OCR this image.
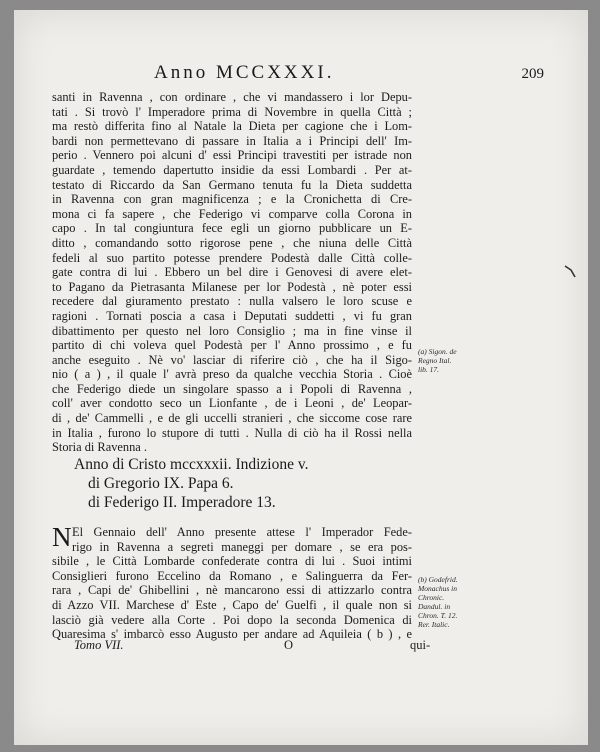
Anno MCCXXXI.	209
santi in Ravenna , con ordinare , che vi mandassero i lor Depu-
tati . Si trovò l' Imperadore prima di Novembre in quella Città ;
ma restò differita fino al Natale la Dieta per cagione che i Lom-
bardi non permettevano di passare in Italia a i Principi dell' Im-
perio . Vennero poi alcuni d' essi Principi travestiti per istrade non
guardate , temendo dapertutto insidie da essi Lombardi . Per at-
testato di Riccardo da San Germano tenuta fu la Dieta suddetta
in Ravenna con gran magnificenza ; e la Cronichetta di Cre-
mona ci fa sapere , che Federigo vi comparve colla Corona in
capo . In tal congiuntura fece egli un giorno pubblicare un E-
ditto , comandando sotto rigorose pene , che niuna delle Città
fedeli al suo partito potesse prendere Podestà dalle Città colle-
gate contra di lui . Ebbero un bel dire i Genovesi di avere elet-
to Pagano da Pietrasanta Milanese per lor Podestà , nè poter essi
recedere dal giuramento prestato : nulla valsero le loro scuse e
ragioni . Tornati poscia a casa i Deputati suddetti , vi fu gran
dibattimento per questo nel loro Consiglio ; ma in fine vinse il
partito di chi voleva quel Podestà per l' Anno prossimo , e fu
anche eseguito . Nè vo' lasciar di riferire ciò , che ha il Sigo-
nio ( a ) , il quale l' avrà preso da qualche vecchia Storia . Cioè
che Federigo diede un singolare spasso a i Popoli di Ravenna ,
coll' aver condotto seco un Lionfante , de i Leoni , de' Leopar-
di , de' Cammelli , e de gli uccelli stranieri , che siccome cose rare
in Italia , furono lo stupore di tutti . Nulla di ciò ha il Rossi nella
Storia di Ravenna .
(a) Sigon. de
Regno Ital.
lib. 17.
Anno di Cristo mccxxxii. Indizione v.
di Gregorio IX. Papa 6.
di Federigo II. Imperadore 13.
N El Gennaio dell' Anno presente attese l' Imperador Fede-
rigo in Ravenna a segreti maneggi per domare , se era pos-
sibile , le Città Lombarde confederate contra di lui . Suoi intimi
Consiglieri furono Eccelino da Romano , e Salinguerra da Fer-
rara , Capi de' Ghibellini , nè mancarono essi di attizzarlo contra
di Azzo VII. Marchese d' Este , Capo de' Guelfi , il quale non si
lasciò già vedere alla Corte . Poi dopo la seconda Domenica di
Quaresima s' imbarcò esso Augusto per andare ad Aquileia ( b ) , e
(b) Godefrid.
Monachus in
Chronic.
Dandul. in
Chron. T. 12.
Rer. Italic.
Tomo VII.	O	qui-
